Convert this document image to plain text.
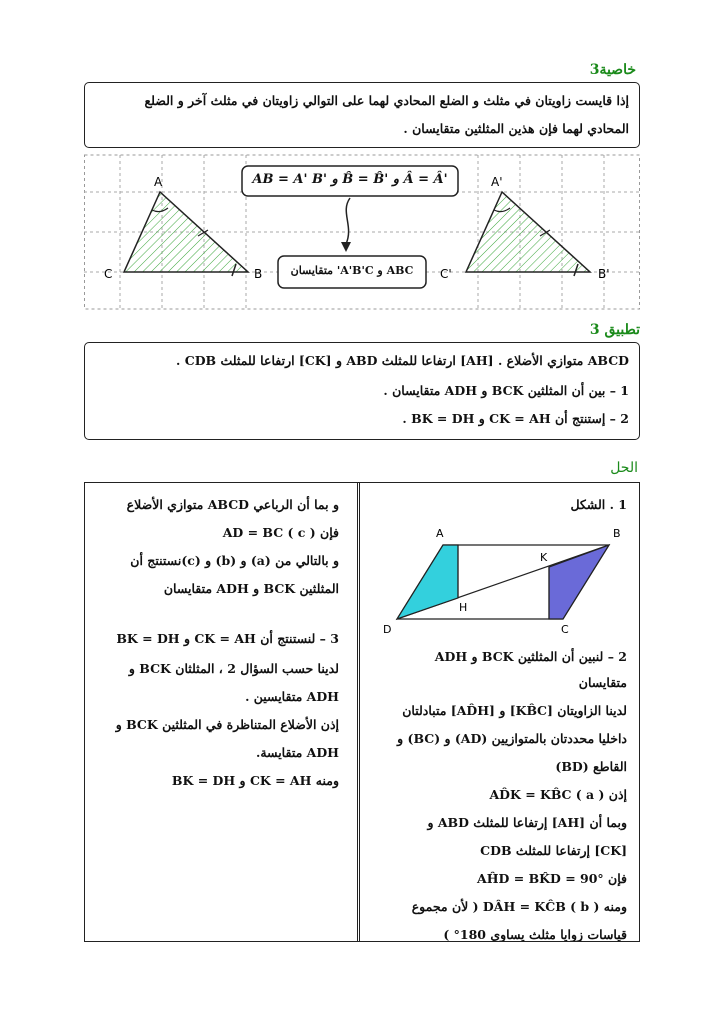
خاصية3
إذا قايست زاويتان في مثلث و الضلع المحادي لهما على التوالي زاويتان في مثلث آخر و الضلع
المحادي لهما فإن هذين المثلثين متقايسان .
A
C	B
A'
C'	B'
AB = A' B' و B̂ = B̂' و Â = Â'
ABC و A'B'C' متقايسان
تطبيق 3
ABCD متوازي الأضلاع . [AH] ارتفاعا للمثلث ABD و [CK] ارتفاعا للمثلث CDB .
1 – بين أن المثلثين BCK و ADH متقايسان .
2 – إستنتج أن CK = AH و BK = DH .
الحل
1 . الشكل
A	B
C
D
H
K
2 – لنبين أن المثلثين BCK و ADH
متقايسان
لدينا الزاويتان [KB̂C] و [AD̂H] متبادلتان
داخليا محددتان بالمتوازيين (AD) و (BC) و
القاطع (BD)
إذن AD̂K = KB̂C ( a )
وبما أن [AH] إرتفاعا للمثلث ABD و
[CK] إرتفاعا للمثلث CDB
فإن AĤD = BK̂D = 90°
ومنه DÂH = KĈB ( b ) ( لأن مجموع
قياسات زوايا مثلث يساوي 180° )
و بما أن الرباعي ABCD متوازي الأضلاع
فإن AD = BC ( c )
و بالتالي من (a) و (b) و (c)نستنتج أن
المثلثين BCK و ADH متقايسان
3 – لنستنتج أن CK = AH و BK = DH
لدينا حسب السؤال 2 ، المثلثان BCK و
ADH متقايسين .
إذن الأضلاع المتناظرة في المثلثين BCK و
ADH متقايسة.
ومنه CK = AH و BK = DH
